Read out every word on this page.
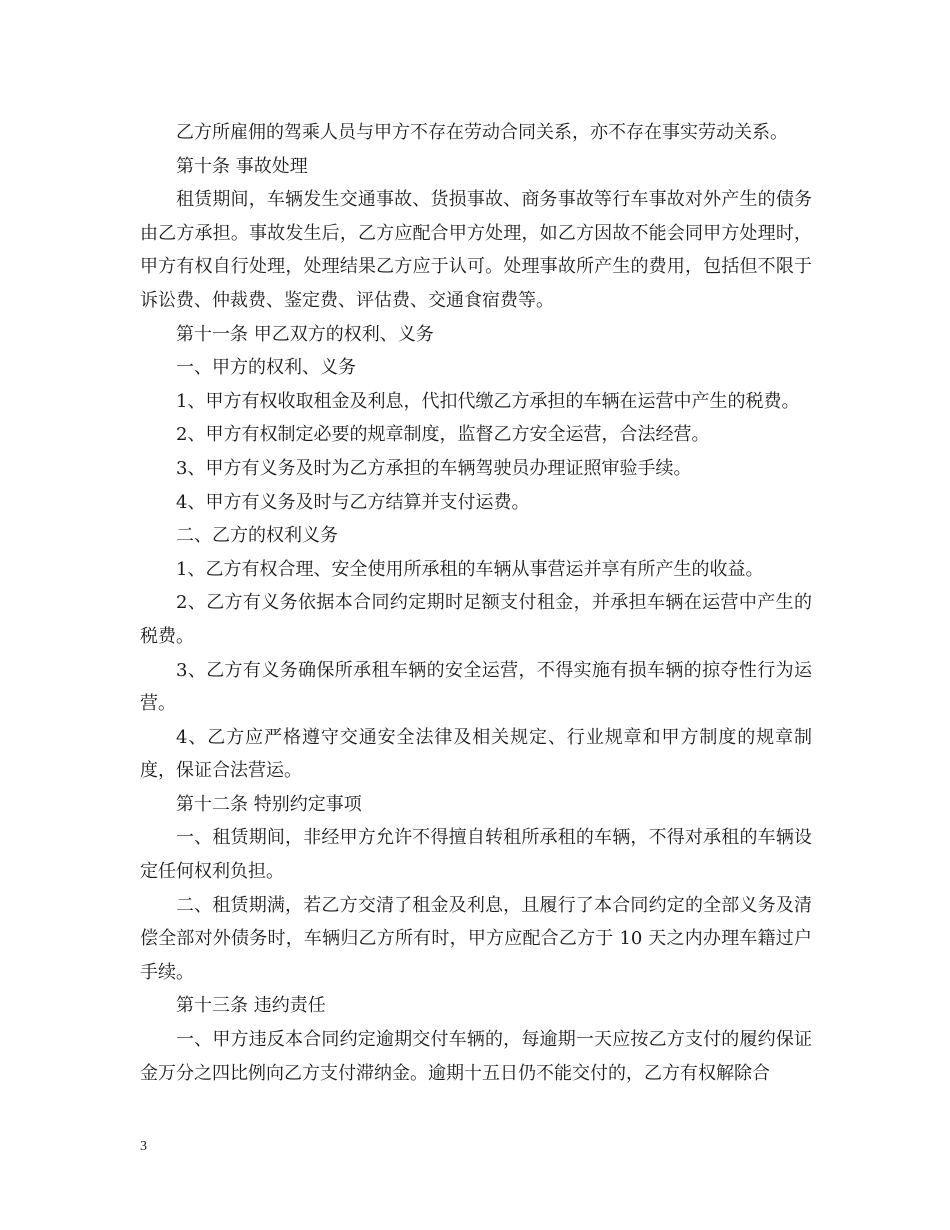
乙方所雇佣的驾乘人员与甲方不存在劳动合同关系，亦不存在事实劳动关系。

第十条 事故处理

租赁期间，车辆发生交通事故、货损事故、商务事故等行车事故对外产生的债务由乙方承担。事故发生后，乙方应配合甲方处理，如乙方因故不能会同甲方处理时，甲方有权自行处理，处理结果乙方应于认可。处理事故所产生的费用，包括但不限于诉讼费、仲裁费、鉴定费、评估费、交通食宿费等。

第十一条 甲乙双方的权利、义务

一、甲方的权利、义务

1、甲方有权收取租金及利息，代扣代缴乙方承担的车辆在运营中产生的税费。

2、甲方有权制定必要的规章制度，监督乙方安全运营，合法经营。

3、甲方有义务及时为乙方承担的车辆驾驶员办理证照审验手续。

4、甲方有义务及时与乙方结算并支付运费。

二、乙方的权利义务

1、乙方有权合理、安全使用所承租的车辆从事营运并享有所产生的收益。

2、乙方有义务依据本合同约定期时足额支付租金，并承担车辆在运营中产生的税费。

3、乙方有义务确保所承租车辆的安全运营，不得实施有损车辆的掠夺性行为运营。

4、乙方应严格遵守交通安全法律及相关规定、行业规章和甲方制度的规章制度，保证合法营运。

第十二条 特别约定事项

一、租赁期间，非经甲方允许不得擅自转租所承租的车辆，不得对承租的车辆设定任何权利负担。

二、租赁期满，若乙方交清了租金及利息，且履行了本合同约定的全部义务及清偿全部对外债务时，车辆归乙方所有时，甲方应配合乙方于 10 天之内办理车籍过户手续。

第十三条 违约责任

一、甲方违反本合同约定逾期交付车辆的，每逾期一天应按乙方支付的履约保证金万分之四比例向乙方支付滞纳金。逾期十五日仍不能交付的，乙方有权解除合

3
